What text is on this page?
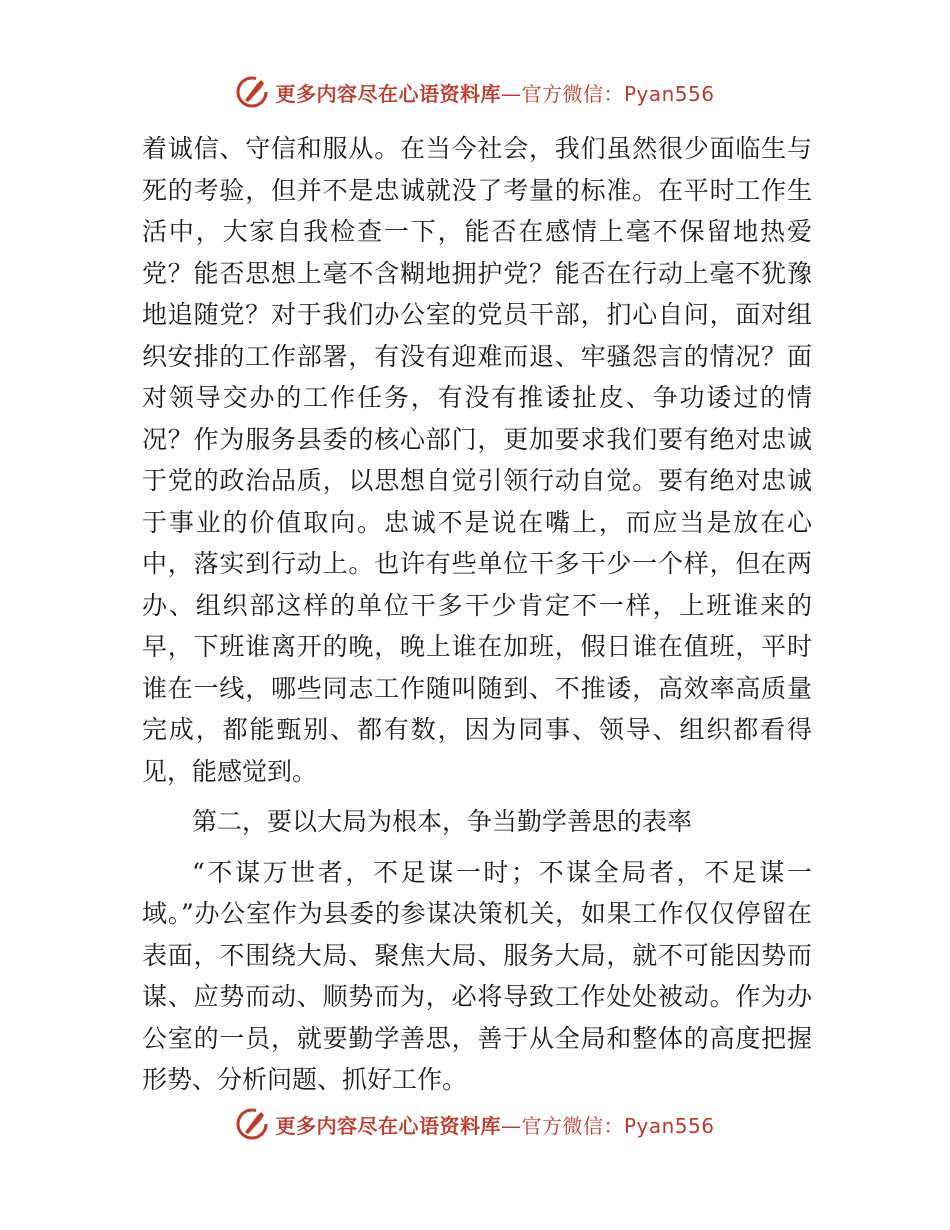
更多内容尽在心语资料库—官方微信：Pyan556

着诚信、守信和服从。在当今社会，我们虽然很少面临生与死的考验，但并不是忠诚就没了考量的标准。在平时工作生活中，大家自我检查一下，能否在感情上毫不保留地热爱党？能否思想上毫不含糊地拥护党？能否在行动上毫不犹豫地追随党？对于我们办公室的党员干部，扪心自问，面对组织安排的工作部署，有没有迎难而退、牢骚怨言的情况？面对领导交办的工作任务，有没有推诿扯皮、争功诿过的情况？作为服务县委的核心部门，更加要求我们要有绝对忠诚于党的政治品质，以思想自觉引领行动自觉。要有绝对忠诚于事业的价值取向。忠诚不是说在嘴上，而应当是放在心中，落实到行动上。也许有些单位干多干少一个样，但在两办、组织部这样的单位干多干少肯定不一样，上班谁来的早，下班谁离开的晚，晚上谁在加班，假日谁在值班，平时谁在一线，哪些同志工作随叫随到、不推诿，高效率高质量完成，都能甄别、都有数，因为同事、领导、组织都看得见，能感觉到。

第二，要以大局为根本，争当勤学善思的表率

“不谋万世者，不足谋一时；不谋全局者，不足谋一域。”办公室作为县委的参谋决策机关，如果工作仅仅停留在表面，不围绕大局、聚焦大局、服务大局，就不可能因势而谋、应势而动、顺势而为，必将导致工作处处被动。作为办公室的一员，就要勤学善思，善于从全局和整体的高度把握形势、分析问题、抓好工作。

更多内容尽在心语资料库—官方微信：Pyan556
